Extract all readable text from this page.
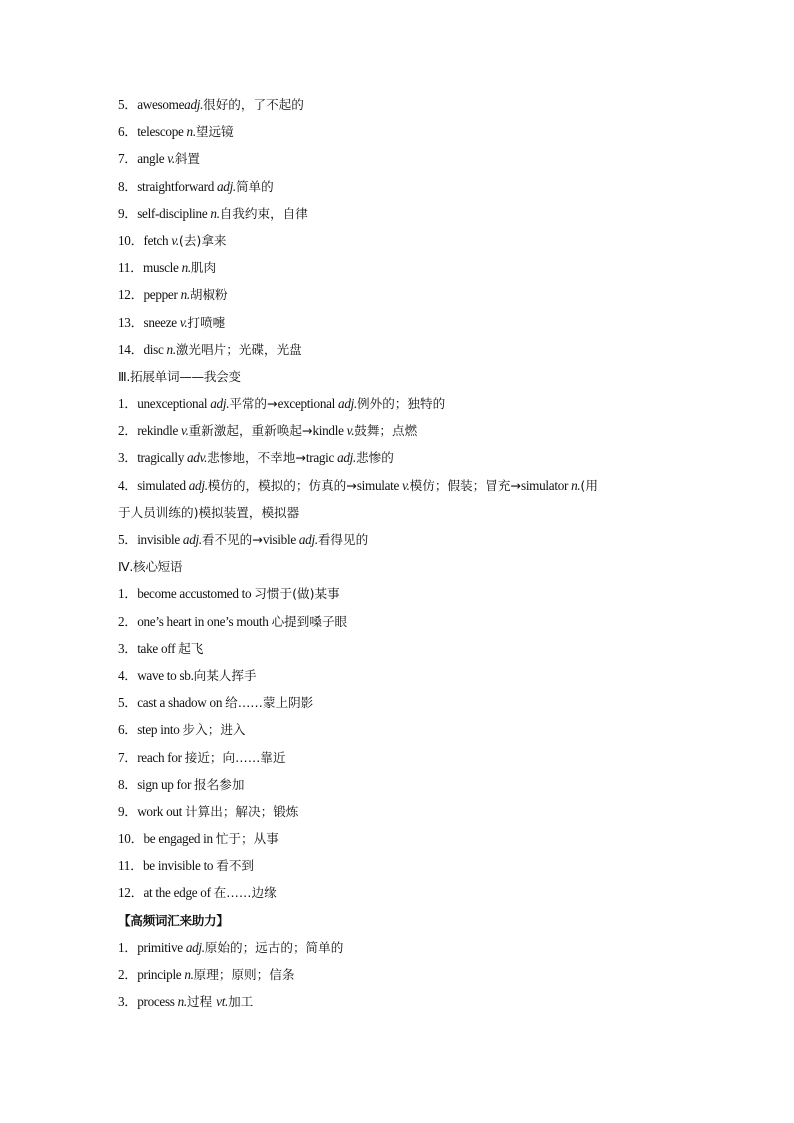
5．awesomeadj.很好的，了不起的
6．telescope n.望远镜
7．angle v.斜置
8．straightforward adj.简单的
9．self-discipline n.自我约束，自律
10．fetch v.(去)拿来
11．muscle n.肌肉
12．pepper n.胡椒粉
13．sneeze v.打喷嚏
14．disc n.激光唱片；光碟，光盘
Ⅲ.拓展单词——我会变
1．unexceptional adj.平常的→exceptional adj.例外的；独特的
2．rekindle v.重新激起，重新唤起→kindle v.鼓舞；点燃
3．tragically adv.悲惨地，不幸地→tragic adj.悲惨的
4．simulated adj.模仿的，模拟的；仿真的→simulate v.模仿；假装；冒充→simulator n.(用
于人员训练的)模拟装置，模拟器
5．invisible adj.看不见的→visible adj.看得见的
Ⅳ.核心短语
1．become accustomed to 习惯于(做)某事
2．one’s heart in one’s mouth 心提到嗓子眼
3．take off 起飞
4．wave to sb.向某人挥手
5．cast a shadow on 给……蒙上阴影
6．step into 步入；进入
7．reach for 接近；向……靠近
8．sign up for 报名参加
9．work out 计算出；解决；锻炼
10．be engaged in 忙于；从事
11．be invisible to 看不到
12．at the edge of 在……边缘
【高频词汇来助力】
1．primitive adj.原始的；远古的；简单的
2．principle n.原理；原则；信条
3．process n.过程 vt.加工
